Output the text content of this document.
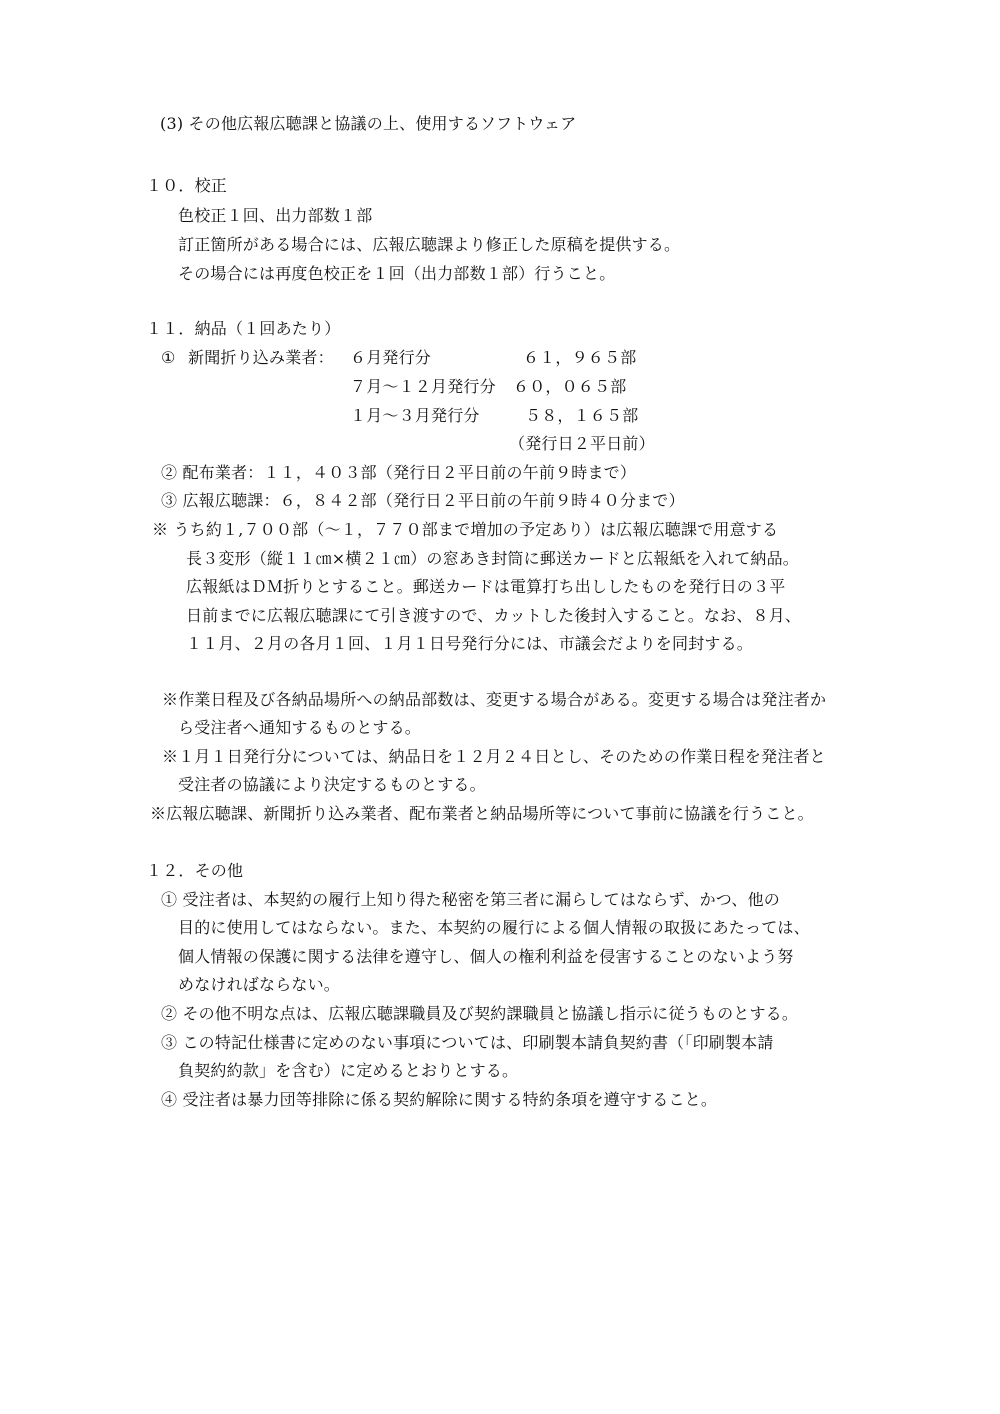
(3) その他広報広聴課と協議の上、使用するソフトウェア
１０．校正
色校正１回、出力部数１部
訂正箇所がある場合には、広報広聴課より修正した原稿を提供する。
その場合には再度色校正を１回（出力部数１部）行うこと。
１１．納品（１回あたり）
① 新聞折り込み業者： ６月発行分	６１，９６５部
７月～１２月発行分 ６０，０６５部
１月～３月発行分	５８，１６５部
（発行日２平日前）
② 配布業者：１１，４０３部（発行日２平日前の午前９時まで）
③ 広報広聴課：６，８４２部（発行日２平日前の午前９時４０分まで）
※ うち約１,７００部（～１，７７０部まで増加の予定あり）は広報広聴課で用意する
長３変形（縦１１㎝×横２１㎝）の窓あき封筒に郵送カードと広報紙を入れて納品。
広報紙はＤＭ折りとすること。郵送カードは電算打ち出ししたものを発行日の３平
日前までに広報広聴課にて引き渡すので、カットした後封入すること。なお、８月、
１１月、２月の各月１回、１月１日号発行分には、市議会だよりを同封する。
※作業日程及び各納品場所への納品部数は、変更する場合がある。変更する場合は発注者か
ら受注者へ通知するものとする。
※１月１日発行分については、納品日を１２月２４日とし、そのための作業日程を発注者と
受注者の協議により決定するものとする。
※広報広聴課、新聞折り込み業者、配布業者と納品場所等について事前に協議を行うこと。
１２．その他
① 受注者は、本契約の履行上知り得た秘密を第三者に漏らしてはならず、かつ、他の
目的に使用してはならない。また、本契約の履行による個人情報の取扱にあたっては、
個人情報の保護に関する法律を遵守し、個人の権利利益を侵害することのないよう努
めなければならない。
② その他不明な点は、広報広聴課職員及び契約課職員と協議し指示に従うものとする。
③ この特記仕様書に定めのない事項については、印刷製本請負契約書（「印刷製本請
負契約約款」を含む）に定めるとおりとする。
④ 受注者は暴力団等排除に係る契約解除に関する特約条項を遵守すること。
